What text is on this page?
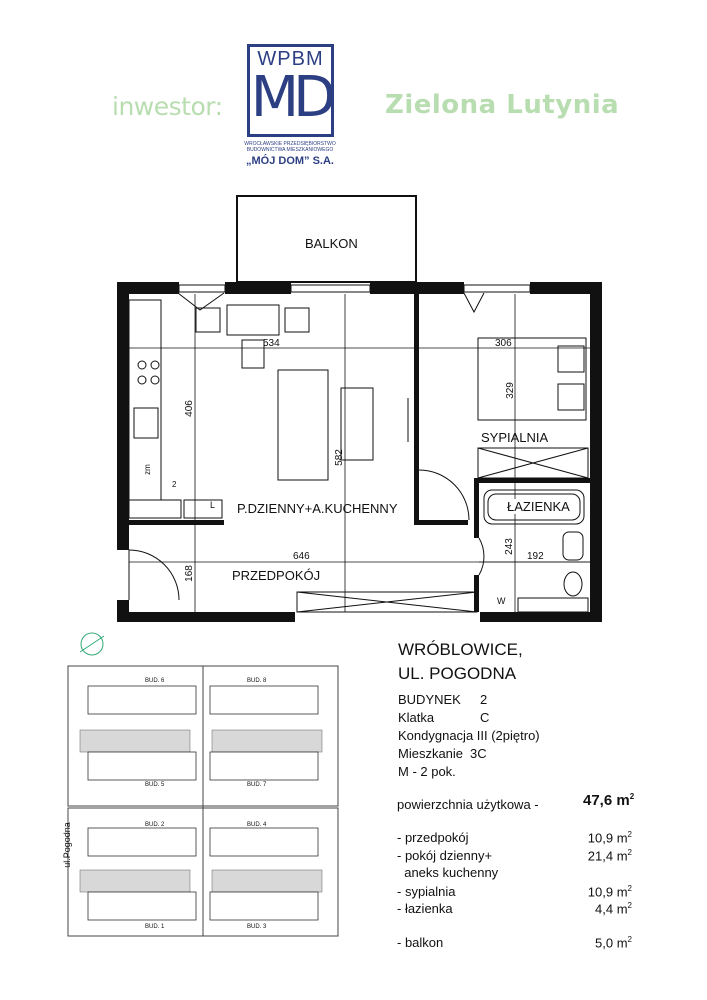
inwestor:
WPBM
MD
WROCŁAWSKIE PRZEDSIĘBIORSTWO
BUDOWNICTWA MIESZKANIOWEGO
„MÓJ DOM” S.A.
Zielona Lutynia
BALKON
P.DZIENNY+A.KUCHENNY
PRZEDPOKÓJ
SYPIALNIA
ŁAZIENKA
534	306
406
582
329
646
168
243
192
zm
L
W
2
ul.Pogodna
BUD. 6	BUD. 8
BUD. 5	BUD. 7
BUD. 2	BUD. 4
BUD. 1	BUD. 3
WRÓBLOWICE,
UL. POGODNA
BUDYNEK 2
Klatka	C
Kondygnacja III (2piętro)
Mieszkanie 3C
M - 2 pok.
powierzchnia użytkowa -	47,6 $m^2$
- przedpokój	10,9 $m^2$
- pokój dzienny+	21,4 $m^2$
aneks kuchenny
- sypialnia	10,9 $m^2$
- łazienka	4,4 $m^2$
- balkon	5,0 $m^2$
